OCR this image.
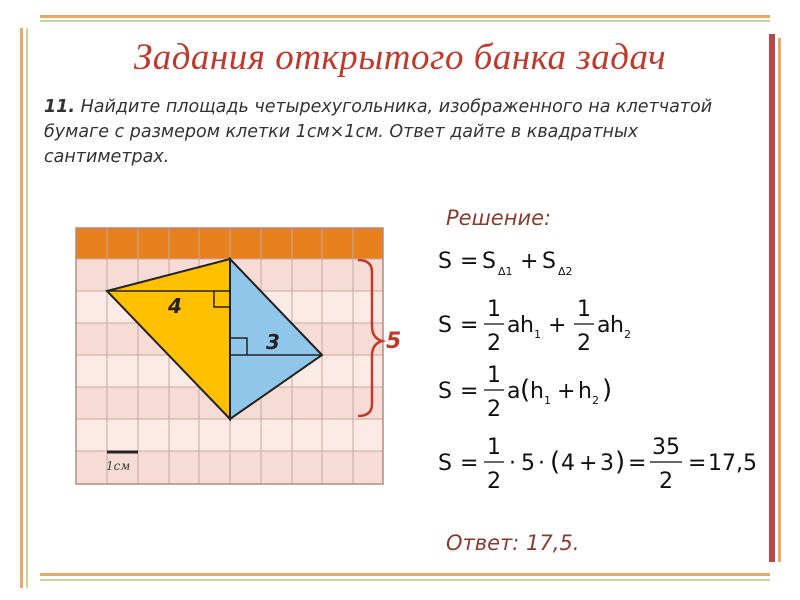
Задания открытого банка задач
11. Найдите площадь четырехугольника, изображенного на клетчатой бумаге с размером клетки 1см×1см. Ответ дайте в квадратных сантиметрах.
4
3	5
1см
S = S Δ1 + S Δ2
S =
1
2
a h 1 +
1
2
a h 2
S =
1
2
a ( h 1 + h 2 )
S =
1
2
· 5 · ( 4 + 3 ) =
35
2
= 17,5
Решение:
Ответ: 17,5.
